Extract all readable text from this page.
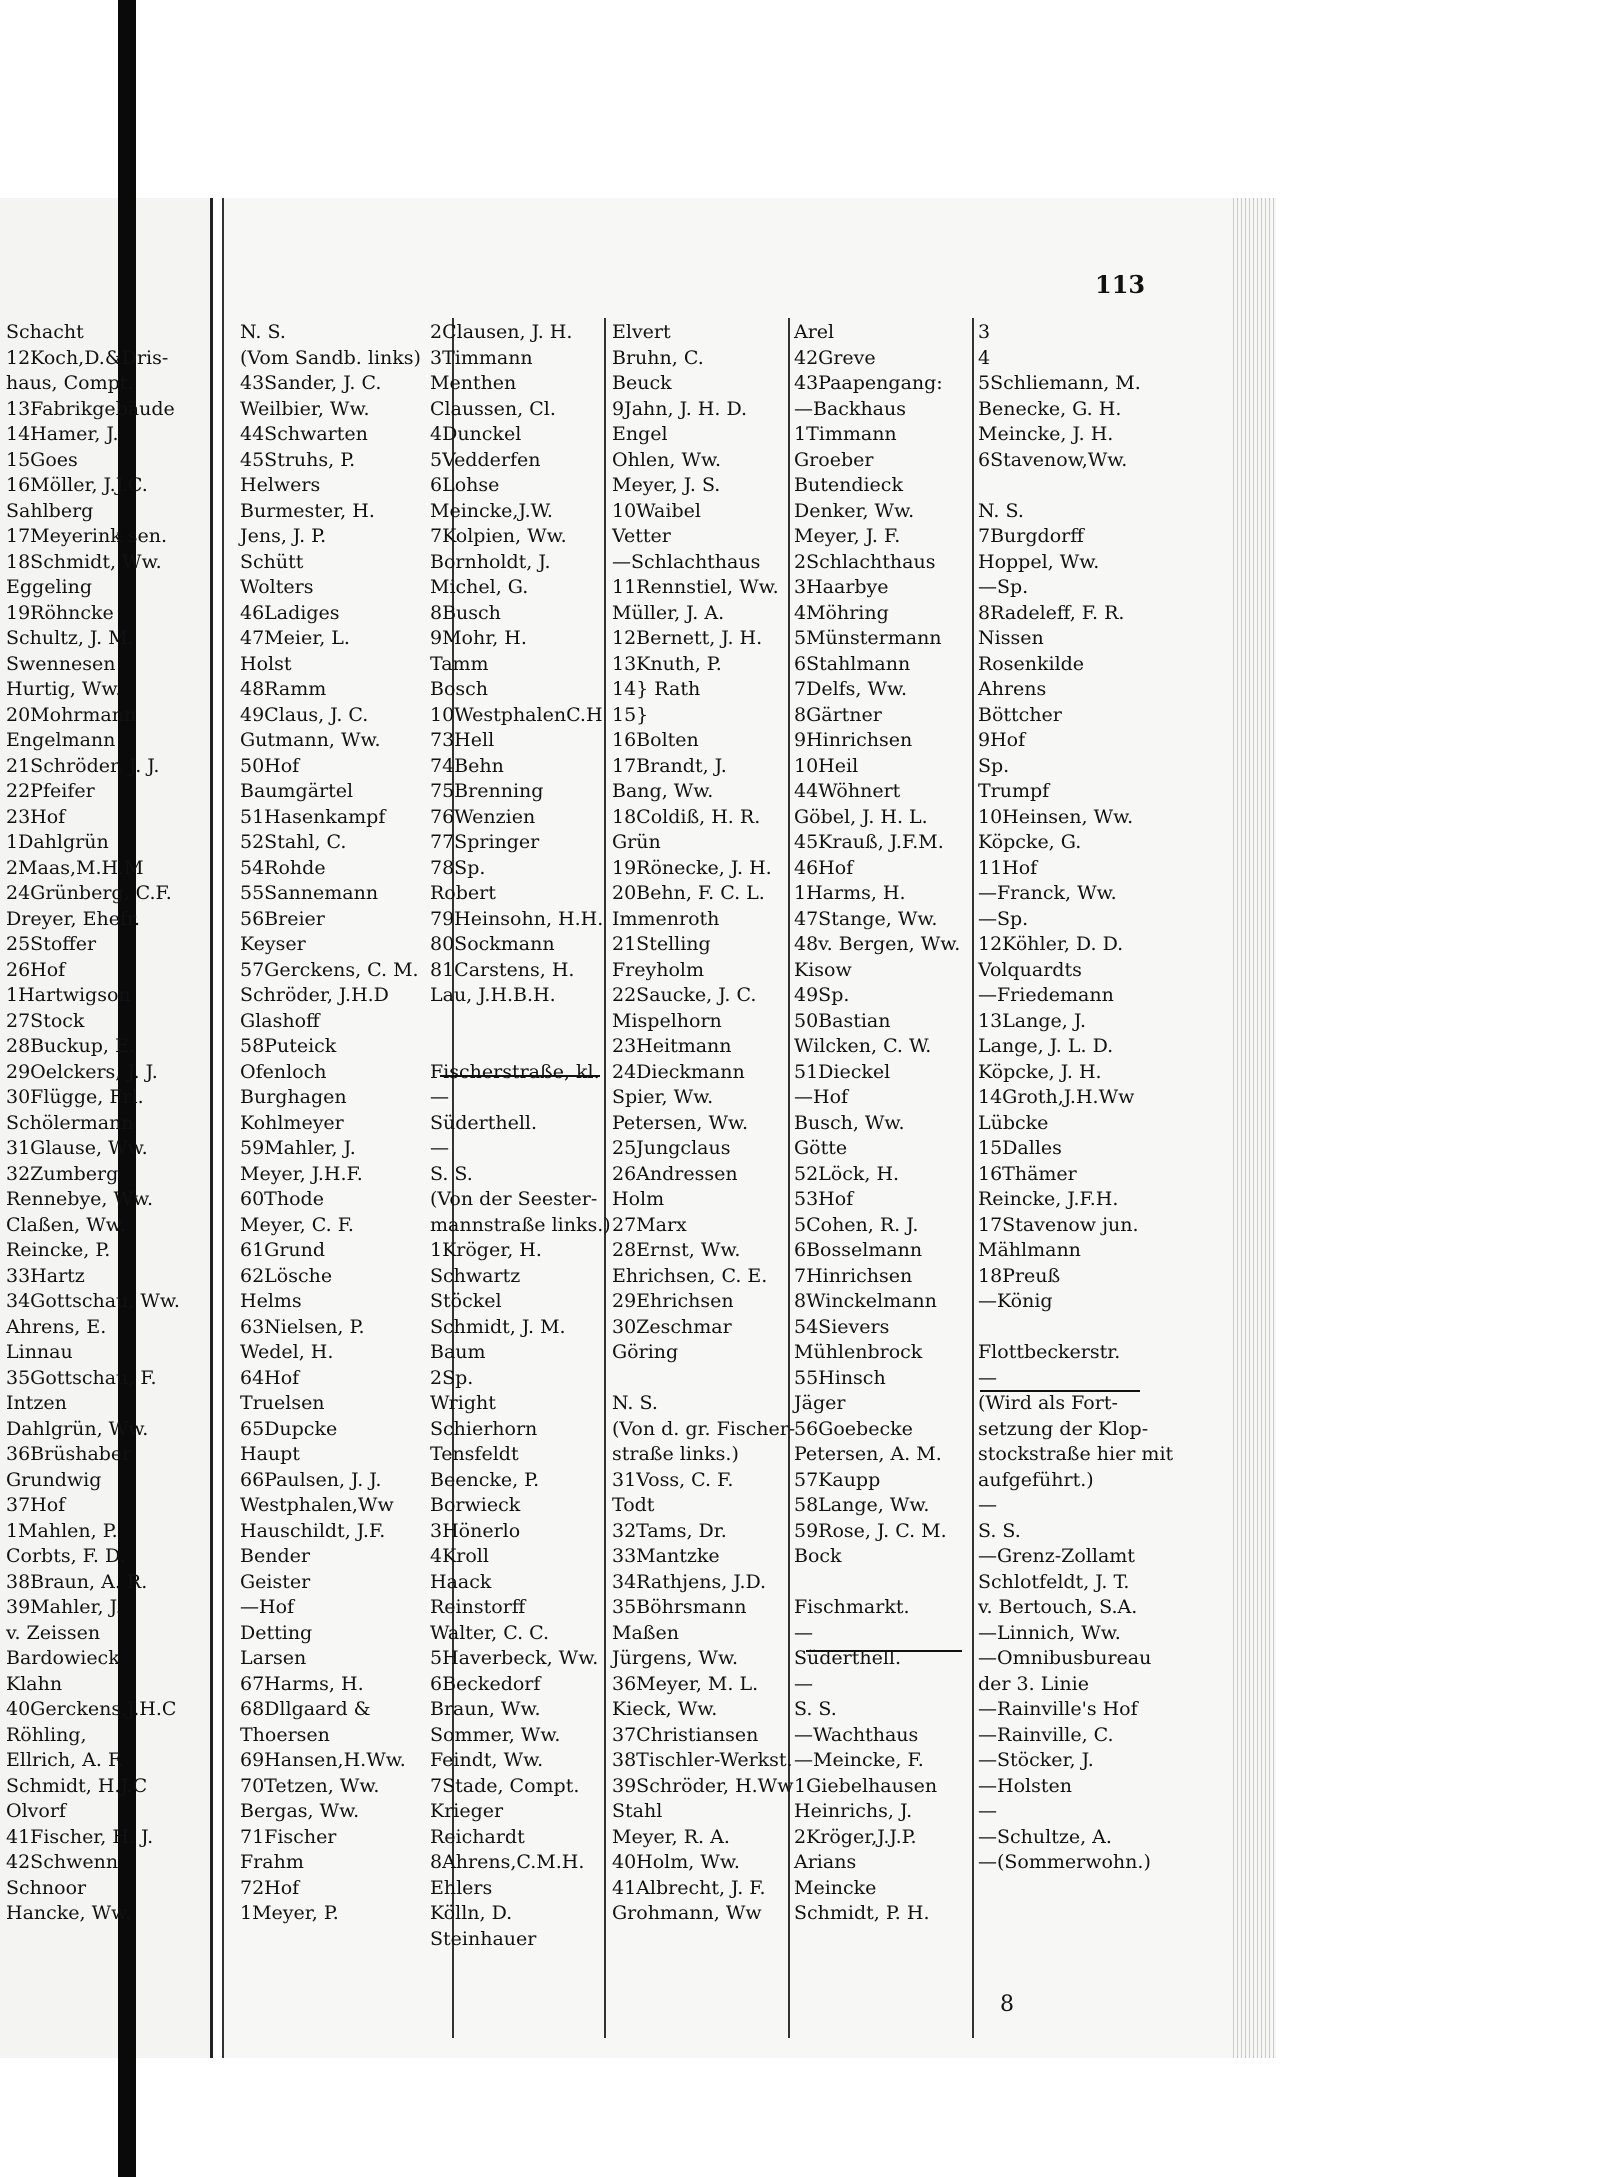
113
Schacht
12Koch,D.&Dris-
haus, Compt.
13Fabrikgebäude
14Hamer, J.
15Goes
16Möller, J.J.C.
Sahlberg
17Meyerink sen.
18Schmidt, Ww.
Eggeling
19Röhncke
Schultz, J. M.
Swennesen
Hurtig, Ww.
20Mohrmann
Engelmann
21Schröder, J. J.
22Pfeifer
23Hof
1Dahlgrün
2Maas,M.H.M
24Grünberg, C.F.
Dreyer, Ehefr.
25Stoffer
26Hof
1Hartwigson
27Stock
28Buckup, E.
29Oelckers, J. J.
30Flügge, Frl.
Schölermann
31Glause, Ww.
32Zumberg
Rennebye, Ww.
Claßen, Ww.
Reincke, P.
33Hartz
34Gottschau, Ww.
Ahrens, E.
Linnau
35Gottschau, F.
Intzen
Dahlgrün, Ww.
36Brüshaber
Grundwig
37Hof
1Mahlen, P.
Corbts, F. D.
38Braun, A. R.
39Mahler, J.
v. Zeissen
Bardowieck
Klahn
40Gerckens,J.H.C
Röhling,
Ellrich, A. F.
Schmidt, H.J.C
Olvorf
41Fischer, H. J.
42Schwenn
Schnoor
Hancke, Ww.
N. S.
(Vom Sandb. links)
43Sander, J. C.
Weilbier, Ww.
44Schwarten
45Struhs, P.
Helwers
Burmester, H.
Jens, J. P.
Schütt
Wolters
46Ladiges
47Meier, L.
Holst
48Ramm
49Claus, J. C.
Gutmann, Ww.
50Hof
Baumgärtel
51Hasenkampf
52Stahl, C.
54Rohde
55Sannemann
56Breier
Keyser
57Gerckens, C. M.
Schröder, J.H.D
Glashoff
58Puteick
Ofenloch
Burghagen
Kohlmeyer
59Mahler, J.
Meyer, J.H.F.
60Thode
Meyer, C. F.
61Grund
62Lösche
Helms
63Nielsen, P.
Wedel, H.
64Hof
Truelsen
65Dupcke
Haupt
66Paulsen, J. J.
Westphalen,Ww
Hauschildt, J.F.
Bender
Geister
—Hof
Detting
Larsen
67Harms, H.
68Dllgaard &
Thoersen
69Hansen,H.Ww.
70Tetzen, Ww.
Bergas, Ww.
71Fischer
Frahm
72Hof
1Meyer, P.
2Clausen, J. H.
3Timmann
Menthen
Claussen, Cl.
4Dunckel
5Vedderfen
6Lohse
Meincke,J.W.
7Kolpien, Ww.
Bornholdt, J.
Michel, G.
8Busch
9Mohr, H.
Tamm
Bosch
10WestphalenC.H
73Hell
74Behn
75Brenning
76Wenzien
77Springer
78Sp.
Robert
79Heinsohn, H.H.
80Sockmann
81Carstens, H.
Lau, J.H.B.H.
Fischerstraße, kl.
—
Süderthell.
—
S. S.
(Von der Seester-
mannstraße links.)
1Kröger, H.
Schwartz
Stöckel
Schmidt, J. M.
Baum
2Sp.
Wright
Schierhorn
Tensfeldt
Beencke, P.
Borwieck
3Hönerlo
4Kroll
Haack
Reinstorff
Walter, C. C.
5Haverbeck, Ww.
6Beckedorf
Braun, Ww.
Sommer, Ww.
Feindt, Ww.
7Stade, Compt.
Krieger
Reichardt
8Ahrens,C.M.H.
Ehlers
Kölln, D.
Steinhauer
Elvert
Bruhn, C.
Beuck
9Jahn, J. H. D.
Engel
Ohlen, Ww.
Meyer, J. S.
10Waibel
Vetter
—Schlachthaus
11Rennstiel, Ww.
Müller, J. A.
12Bernett, J. H.
13Knuth, P.
14} Rath
15}
16Bolten
17Brandt, J.
Bang, Ww.
18Coldiß, H. R.
Grün
19Rönecke, J. H.
20Behn, F. C. L.
Immenroth
21Stelling
Freyholm
22Saucke, J. C.
Mispelhorn
23Heitmann
24Dieckmann
Spier, Ww.
Petersen, Ww.
25Jungclaus
26Andressen
Holm
27Marx
28Ernst, Ww.
Ehrichsen, C. E.
29Ehrichsen
30Zeschmar
Göring
N. S.
(Von d. gr. Fischer-
straße links.)
31Voss, C. F.
Todt
32Tams, Dr.
33Mantzke
34Rathjens, J.D.
35Böhrsmann
Maßen
Jürgens, Ww.
36Meyer, M. L.
Kieck, Ww.
37Christiansen
38Tischler-Werkst.
39Schröder, H.Ww
Stahl
Meyer, R. A.
40Holm, Ww.
41Albrecht, J. F.
Grohmann, Ww
Arel
42Greve
43Paapengang:
—Backhaus
1Timmann
Groeber
Butendieck
Denker, Ww.
Meyer, J. F.
2Schlachthaus
3Haarbye
4Möhring
5Münstermann
6Stahlmann
7Delfs, Ww.
8Gärtner
9Hinrichsen
10Heil
44Wöhnert
Göbel, J. H. L.
45Krauß, J.F.M.
46Hof
1Harms, H.
47Stange, Ww.
48v. Bergen, Ww.
Kisow
49Sp.
50Bastian
Wilcken, C. W.
51Dieckel
—Hof
Busch, Ww.
Götte
52Löck, H.
53Hof
5Cohen, R. J.
6Bosselmann
7Hinrichsen
8Winckelmann
54Sievers
Mühlenbrock
55Hinsch
Jäger
56Goebecke
Petersen, A. M.
57Kaupp
58Lange, Ww.
59Rose, J. C. M.
Bock
Fischmarkt.
—
Süderthell.
—
S. S.
—Wachthaus
—Meincke, F.
1Giebelhausen
Heinrichs, J.
2Kröger,J.J.P.
Arians
Meincke
Schmidt, P. H.
3
4
5Schliemann, M.
Benecke, G. H.
Meincke, J. H.
6Stavenow,Ww.
N. S.
7Burgdorff
Hoppel, Ww.
—Sp.
8Radeleff, F. R.
Nissen
Rosenkilde
Ahrens
Böttcher
9Hof
Sp.
Trumpf
10Heinsen, Ww.
Köpcke, G.
11Hof
—Franck, Ww.
—Sp.
12Köhler, D. D.
Volquardts
—Friedemann
13Lange, J.
Lange, J. L. D.
Köpcke, J. H.
14Groth,J.H.Ww
Lübcke
15Dalles
16Thämer
Reincke, J.F.H.
17Stavenow jun.
Mählmann
18Preuß
—König
Flottbeckerstr.
—
(Wird als Fort-
setzung der Klop-
stockstraße hier mit
aufgeführt.)
—
S. S.
—Grenz-Zollamt
Schlotfeldt, J. T.
v. Bertouch, S.A.
—Linnich, Ww.
—Omnibusbureau
der 3. Linie
—Rainville's Hof
—Rainville, C.
—Stöcker, J.
—Holsten
—
—Schultze, A.
—(Sommerwohn.)
8
